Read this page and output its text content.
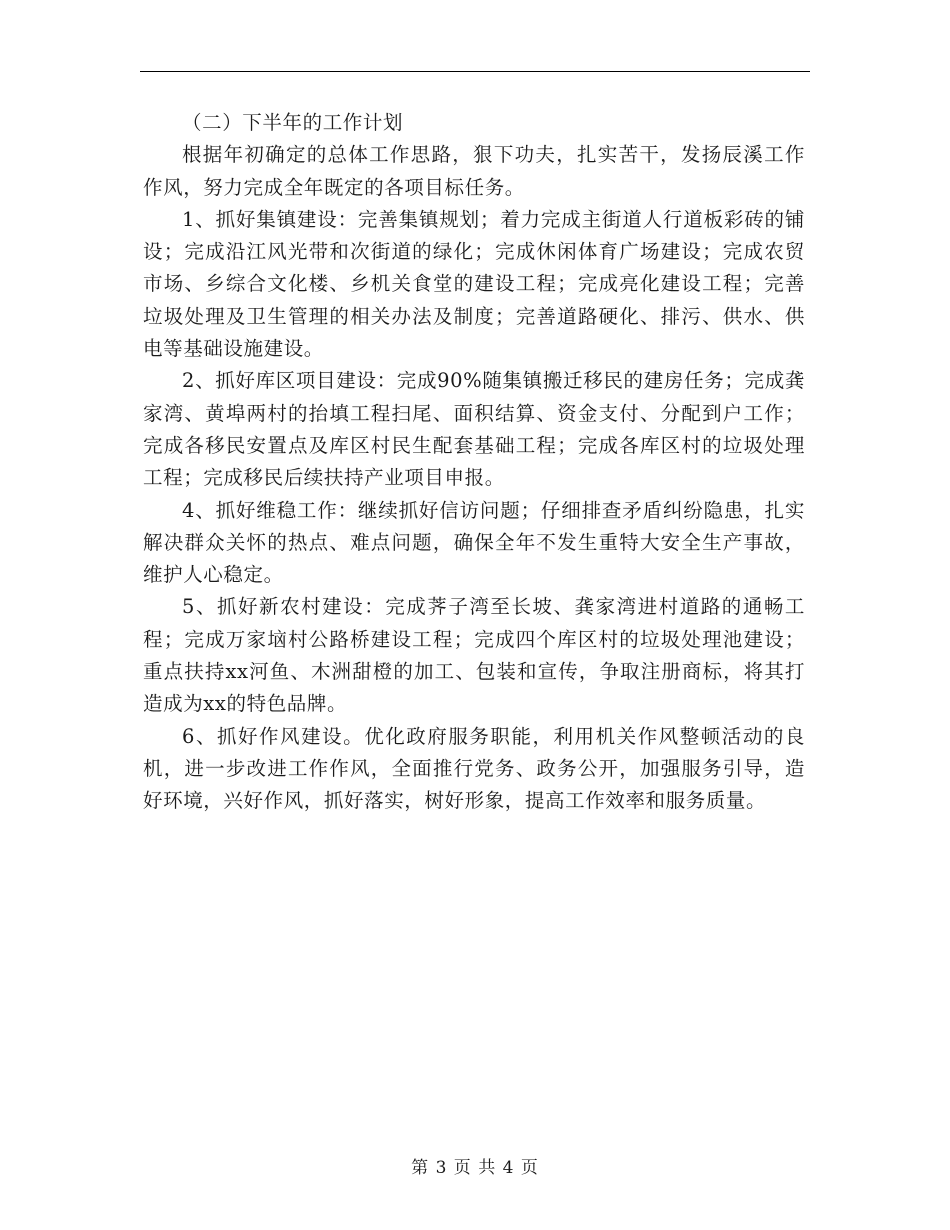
（二）下半年的工作计划

根据年初确定的总体工作思路，狠下功夫，扎实苦干，发扬辰溪工作作风，努力完成全年既定的各项目标任务。

1、抓好集镇建设：完善集镇规划；着力完成主街道人行道板彩砖的铺设；完成沿江风光带和次街道的绿化；完成休闲体育广场建设；完成农贸市场、乡综合文化楼、乡机关食堂的建设工程；完成亮化建设工程；完善垃圾处理及卫生管理的相关办法及制度；完善道路硬化、排污、供水、供电等基础设施建设。

2、抓好库区项目建设：完成90%随集镇搬迁移民的建房任务；完成龚家湾、黄埠两村的抬填工程扫尾、面积结算、资金支付、分配到户工作；完成各移民安置点及库区村民生配套基础工程；完成各库区村的垃圾处理工程；完成移民后续扶持产业项目申报。

4、抓好维稳工作：继续抓好信访问题；仔细排查矛盾纠纷隐患，扎实解决群众关怀的热点、难点问题，确保全年不发生重特大安全生产事故，维护人心稳定。

5、抓好新农村建设：完成荠子湾至长坡、龚家湾进村道路的通畅工程；完成万家垴村公路桥建设工程；完成四个库区村的垃圾处理池建设；重点扶持xx河鱼、木洲甜橙的加工、包装和宣传，争取注册商标，将其打造成为xx的特色品牌。

6、抓好作风建设。优化政府服务职能，利用机关作风整顿活动的良机，进一步改进工作作风，全面推行党务、政务公开，加强服务引导，造好环境，兴好作风，抓好落实，树好形象，提高工作效率和服务质量。

第 3 页 共 4 页
